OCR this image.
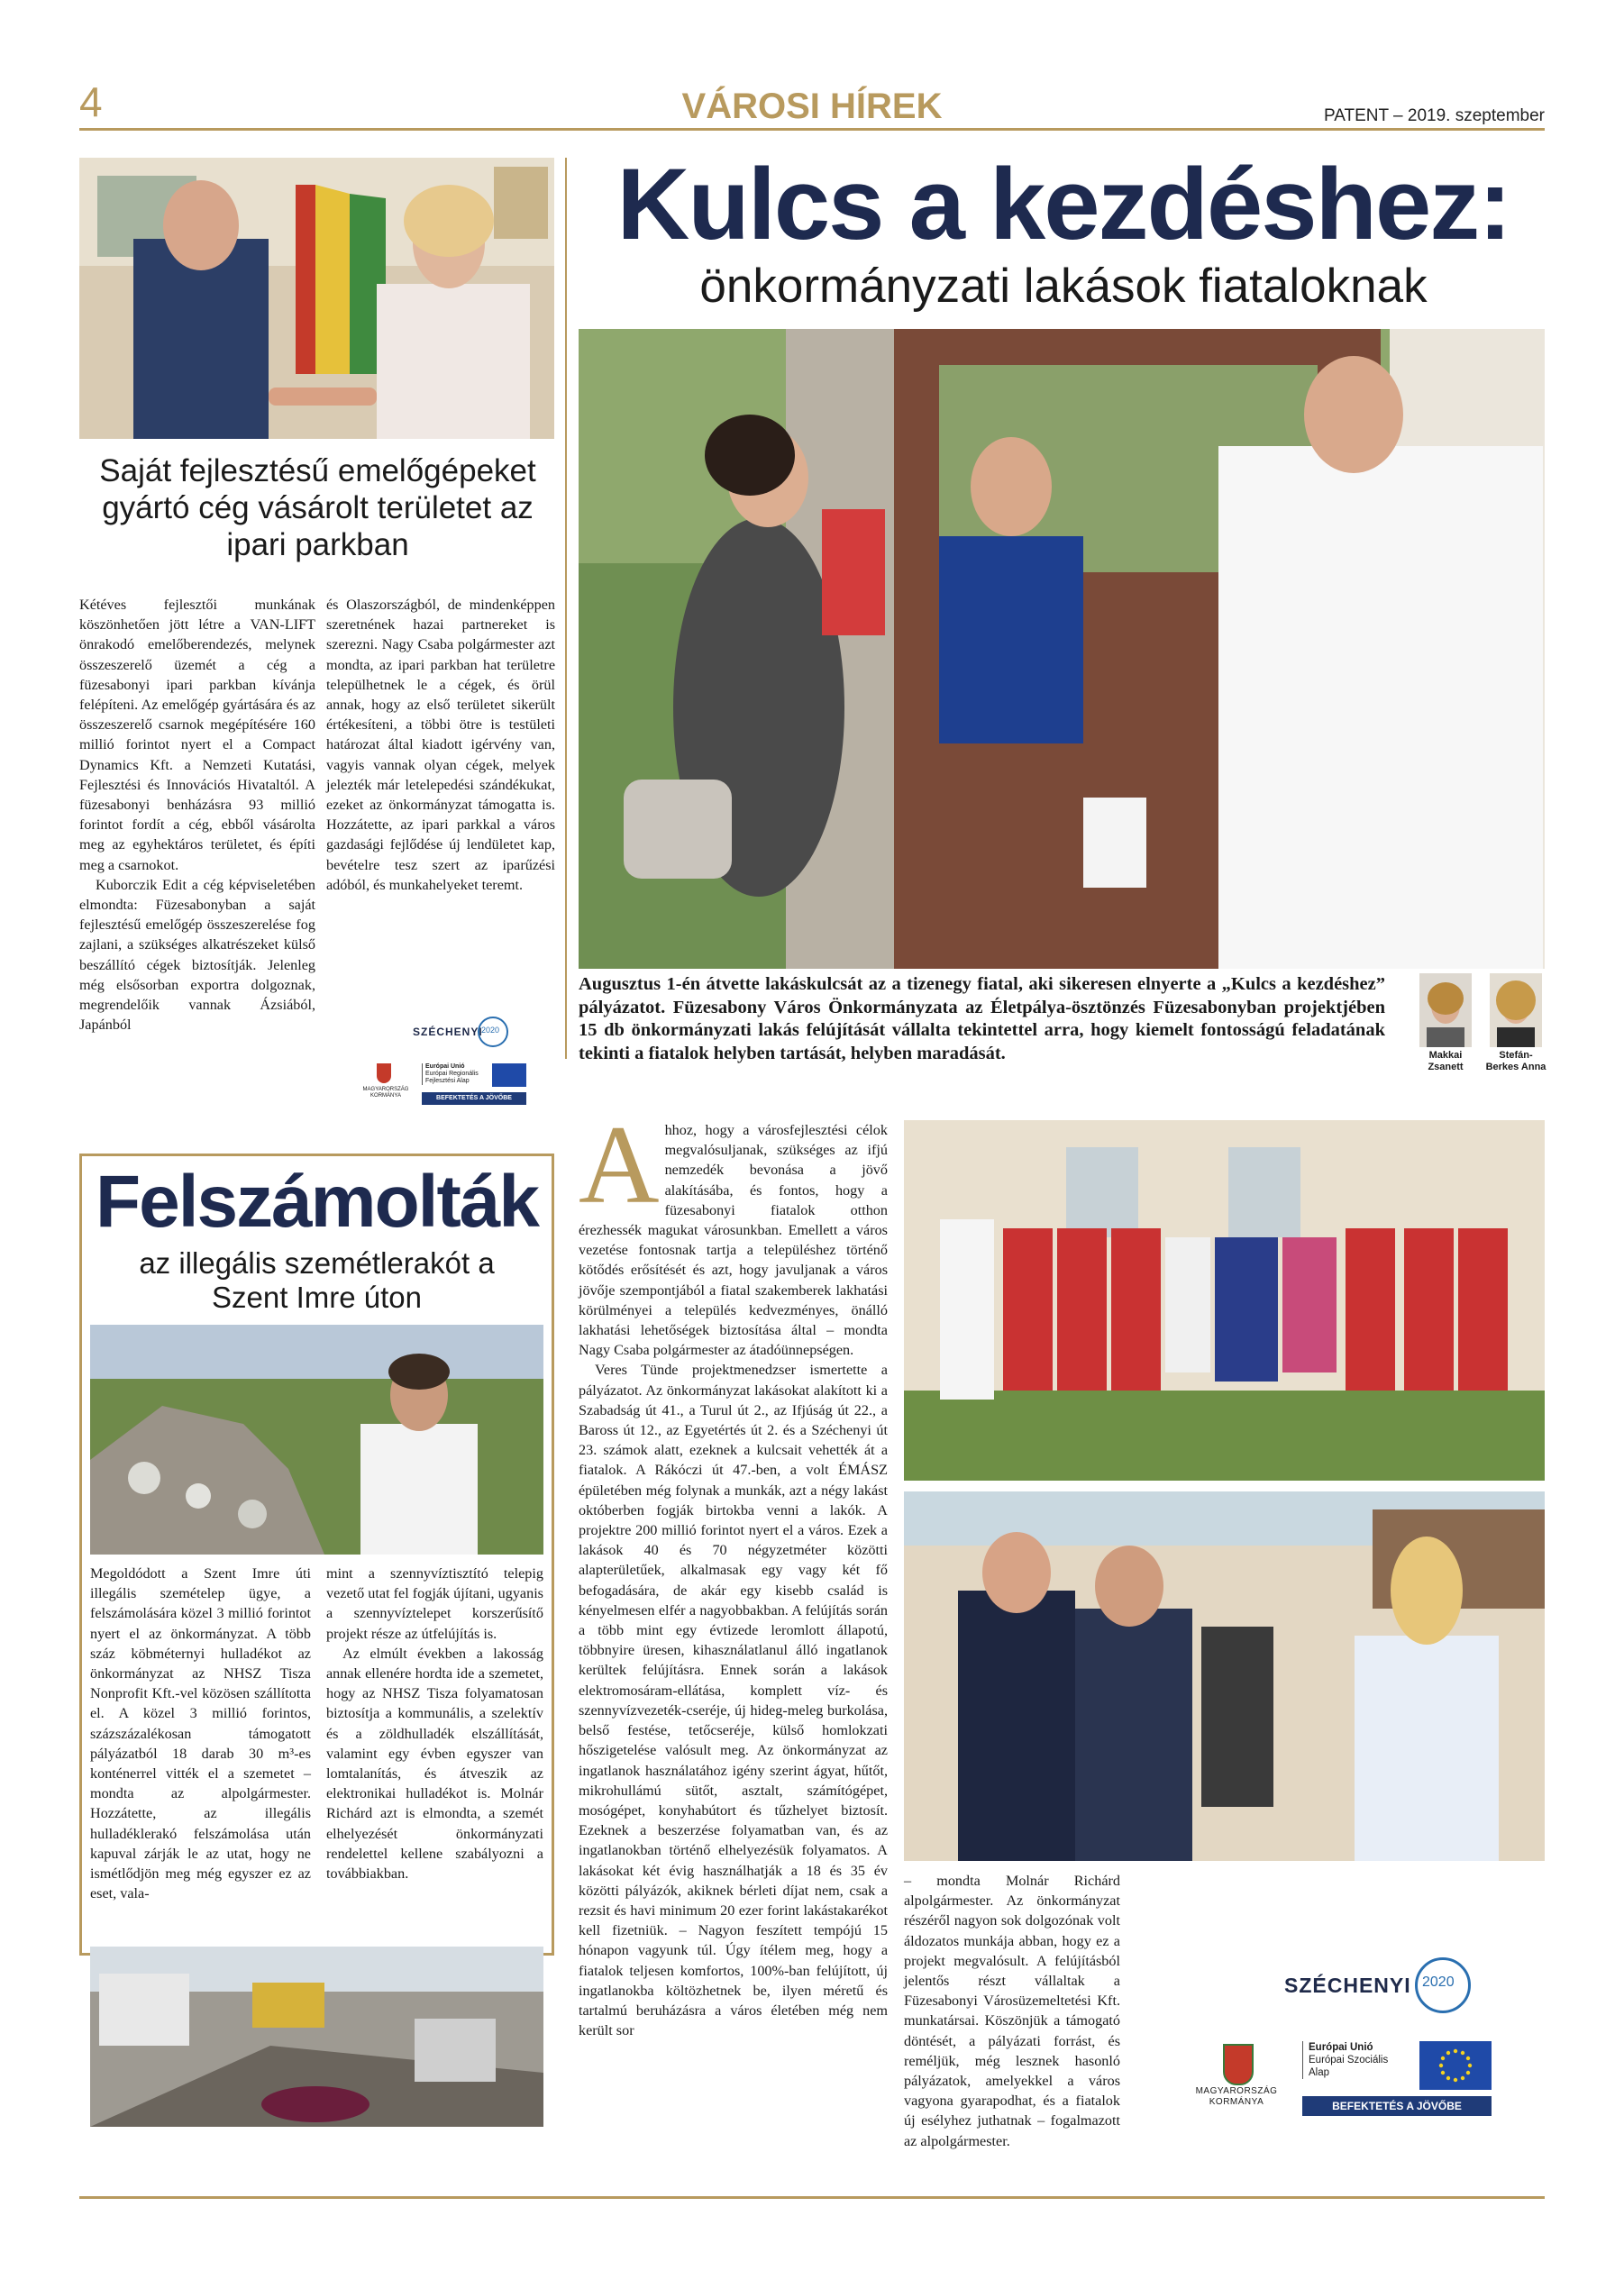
4	VÁROSI HÍREK	PATENT – 2019. szeptember
Saját fejlesztésű emelőgépeket gyártó cég vásárolt területet az ipari parkban

Kétéves fejlesztői munkának köszönhetően jött létre a VAN-LIFT önrakodó emelőberendezés, melynek összeszerelő üzemét a cég a füzesabonyi ipari parkban kívánja felépíteni. Az emelőgép gyártására és az összeszerelő csarnok megépítésére 160 millió forintot nyert el a Compact Dynamics Kft. a Nemzeti Kutatási, Fejlesztési és Innovációs Hivataltól. A füzesabonyi benházásra 93 millió forintot fordít a cég, ebből vásárolta meg az egyhektáros területet, és építi meg a csarnokot.

Kuborczik Edit a cég képviseletében elmondta: Füzesabonyban a saját fejlesztésű emelőgép összeszerelése fog zajlani, a szükséges alkatrészeket külső beszállító cégek biztosítják. Jelenleg még elsősorban exportra dolgoznak, megrendelőik vannak Ázsiából, Japánból

és Olaszországból, de mindenképpen szeretnének hazai partnereket is szerezni. Nagy Csaba polgármester azt mondta, az ipari parkban hat területre települhetnek le a cégek, és örül annak, hogy az első területet sikerült értékesíteni, a többi ötre is testületi határozat által kiadott igérvény van, vagyis vannak olyan cégek, melyek jelezték már letelepedési szándékukat, ezeket az önkormányzat támogatta is. Hozzátette, az ipari parkkal a város gazdasági fejlődése új lendületet kap, bevételre tesz szert az iparűzési adóból, és munkahelyeket teremt.

SZÉCHENYI
2020
MAGYARORSZÁG
KORMÁNYA
Európai Unió
Európai Regionális Fejlesztési Alap
BEFEKTETÉS A JÖVŐBE
Felszámolták
az illegális szemétlerakót a Szent Imre úton

Megoldódott a Szent Imre úti illegális szemételep ügye, a felszámolására közel 3 millió forintot nyert el az önkormányzat. A több száz köbméternyi hulladékot az önkormányzat az NHSZ Tisza Nonprofit Kft.-vel közösen szállította el. A közel 3 millió forintos, százszázalékosan támogatott pályázatból 18 darab 30 m³-es konténerrel vitték el a szemetet – mondta az alpolgármester. Hozzátette, az illegális hulladéklerakó felszámolása után kapuval zárják le az utat, hogy ne ismétlődjön meg még egyszer ez az eset, vala-

mint a szennyvíztisztító telepig vezető utat fel fogják újítani, ugyanis a szennyvíztelepet korszerűsítő projekt része az útfelújítás is.

Az elmúlt években a lakosság annak ellenére hordta ide a szemetet, hogy az NHSZ Tisza folyamatosan biztosítja a kommunális, a szelektív és a zöldhulladék elszállítását, valamint egy évben egyszer van lomtalanítás, és átveszik az elektronikai hulladékot is. Molnár Richárd azt is elmondta, a szemét elhelyezését önkormányzati rendelettel kellene szabályozni a továbbiakban.

Kulcs a kezdéshez:
önkormányzati lakások fiataloknak
Augusztus 1-én átvette lakáskulcsát az a tizenegy fiatal, aki sikeresen elnyerte a „Kulcs a kezdéshez” pályázatot. Füzesabony Város Önkormányzata az Életpálya-ösztönzés Füzesabonyban projektjében 15 db önkormányzati lakás felújítását vállalta tekintettel arra, hogy kiemelt fontosságú feladatának tekinti a fiatalok helyben tartását, helyben maradását.	Makkai Zsanett
Stefán-Berkes Anna
A hhoz, hogy a városfejlesztési célok megvalósuljanak, szükséges az ifjú nemzedék bevonása a jövő alakításába, és fontos, hogy a füzesabonyi fiatalok otthon érezhessék magukat városunkban. Emellett a város vezetése fontosnak tartja a településhez történő kötődés erősítését és azt, hogy javuljanak a város jövője szempontjából a fiatal szakemberek lakhatási körülményei a település kedvezményes, önálló lakhatási lehetőségek biztosítása által – mondta Nagy Csaba polgármester az átadóünnepségen.

Veres Tünde projektmenedzser ismertette a pályázatot. Az önkormányzat lakásokat alakított ki a Szabadság út 41., a Turul út 2., az Ifjúság út 22., a Baross út 12., az Egyetértés út 2. és a Széchenyi út 23. számok alatt, ezeknek a kulcsait vehették át a fiatalok. A Rákóczi út 47.-ben, a volt ÉMÁSZ épületében még folynak a munkák, azt a négy lakást októberben fogják birtokba venni a lakók. A projektre 200 millió forintot nyert el a város. Ezek a lakások 40 és 70 négyzetméter közötti alapterületűek, alkalmasak egy vagy két fő befogadására, de akár egy kisebb család is kényelmesen elfér a nagyobbakban. A felújítás során a több mint egy évtizede leromlott állapotú, többnyire üresen, kihasználatlanul álló ingatlanok kerültek felújításra. Ennek során a lakások elektromosáram-ellátása, komplett víz- és szennyvízvezeték-cseréje, új hideg-meleg burkolása, belső festése, tetőcseréje, külső homlokzati hőszigetelése valósult meg. Az önkormányzat az ingatlanok használatához igény szerint ágyat, hűtőt, mikrohullámú sütőt, asztalt, számítógépet, mosógépet, konyhabútort és tűzhelyet biztosít. Ezeknek a beszerzése folyamatban van, és az ingatlanokban történő elhelyezésük folyamatos. A lakásokat két évig használhatják a 18 és 35 év közötti pályázók, akiknek bérleti díjat nem, csak a rezsit és havi minimum 20 ezer forint lakástakarékot kell fizetniük. – Nagyon feszített tempójú 15 hónapon vagyunk túl. Úgy ítélem meg, hogy a fiatalok teljesen komfortos, 100%-ban felújított, új ingatlanokba költözhetnek be, ilyen méretű és tartalmú beruházásra a város életében még nem került sor

– mondta Molnár Richárd alpolgármester. Az önkormányzat részéről nagyon sok dolgozónak volt áldozatos munkája abban, hogy ez a projekt megvalósult. A felújításból jelentős részt vállaltak a Füzesabonyi Városüzemeltetési Kft. munkatársai. Köszönjük a támogató döntését, a pályázati forrást, és reméljük, még lesznek hasonló pályázatok, amelyekkel a város vagyona gyarapodhat, és a fiatalok új esélyhez juthatnak – fogalmazott az alpolgármester.

SZÉCHENYI 2020
MAGYARORSZÁG
KORMÁNYA
Európai Unió
Európai Szociális Alap
BEFEKTETÉS A JÖVŐBE
